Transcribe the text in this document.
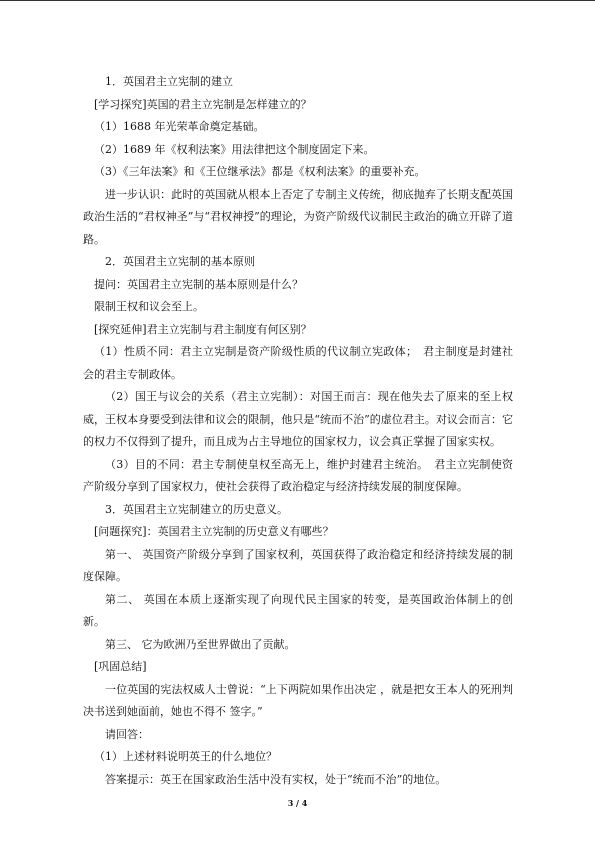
1．英国君主立宪制的建立

[学习探究]英国的君主立宪制是怎样建立的？

（1）1688 年光荣革命奠定基础。

（2）1689 年《权利法案》用法律把这个制度固定下来。

（3）《三年法案》和《王位继承法》都是《权利法案》的重要补充。

进一步认识：此时的英国就从根本上否定了专制主义传统，彻底抛弃了长期支配英国政治生活的“君权神圣”与“君权神授”的理论，为资产阶级代议制民主政治的确立开辟了道路。

2．英国君主立宪制的基本原则

提问：英国君主立宪制的基本原则是什么？

限制王权和议会至上。

[探究延伸]君主立宪制与君主制度有何区别？

（1）性质不同：君主立宪制是资产阶级性质的代议制立宪政体；　君主制度是封建社会的君主专制政体。

（2）国王与议会的关系（君主立宪制）：对国王而言：现在他失去了原来的至上权威，王权本身要受到法律和议会的限制，他只是“统而不治”的虚位君主。对议会而言：它的权力不仅得到了提升，而且成为占主导地位的国家权力，议会真正掌握了国家实权。

（3）目的不同：君主专制使皇权至高无上，维护封建君主统治。　君主立宪制使资产阶级分享到了国家权力，使社会获得了政治稳定与经济持续发展的制度保障。

3．英国君主立宪制建立的历史意义。

[问题探究]：英国君主立宪制的历史意义有哪些？

第一、 英国资产阶级分享到了国家权利，英国获得了政治稳定和经济持续发展的制度保障。

第二、 英国在本质上逐渐实现了向现代民主国家的转变，是英国政治体制上的创新。

第三、 它为欧洲乃至世界做出了贡献。

[巩固总结]

一位英国的宪法权威人士曾说：“上下两院如果作出决定 ，就是把女王本人的死刑判决书送到她面前，她也不得不 签字。”

请回答：

（1）上述材料说明英王的什么地位？

答案提示：英王在国家政治生活中没有实权，处于“统而不治”的地位。

3 / 4
